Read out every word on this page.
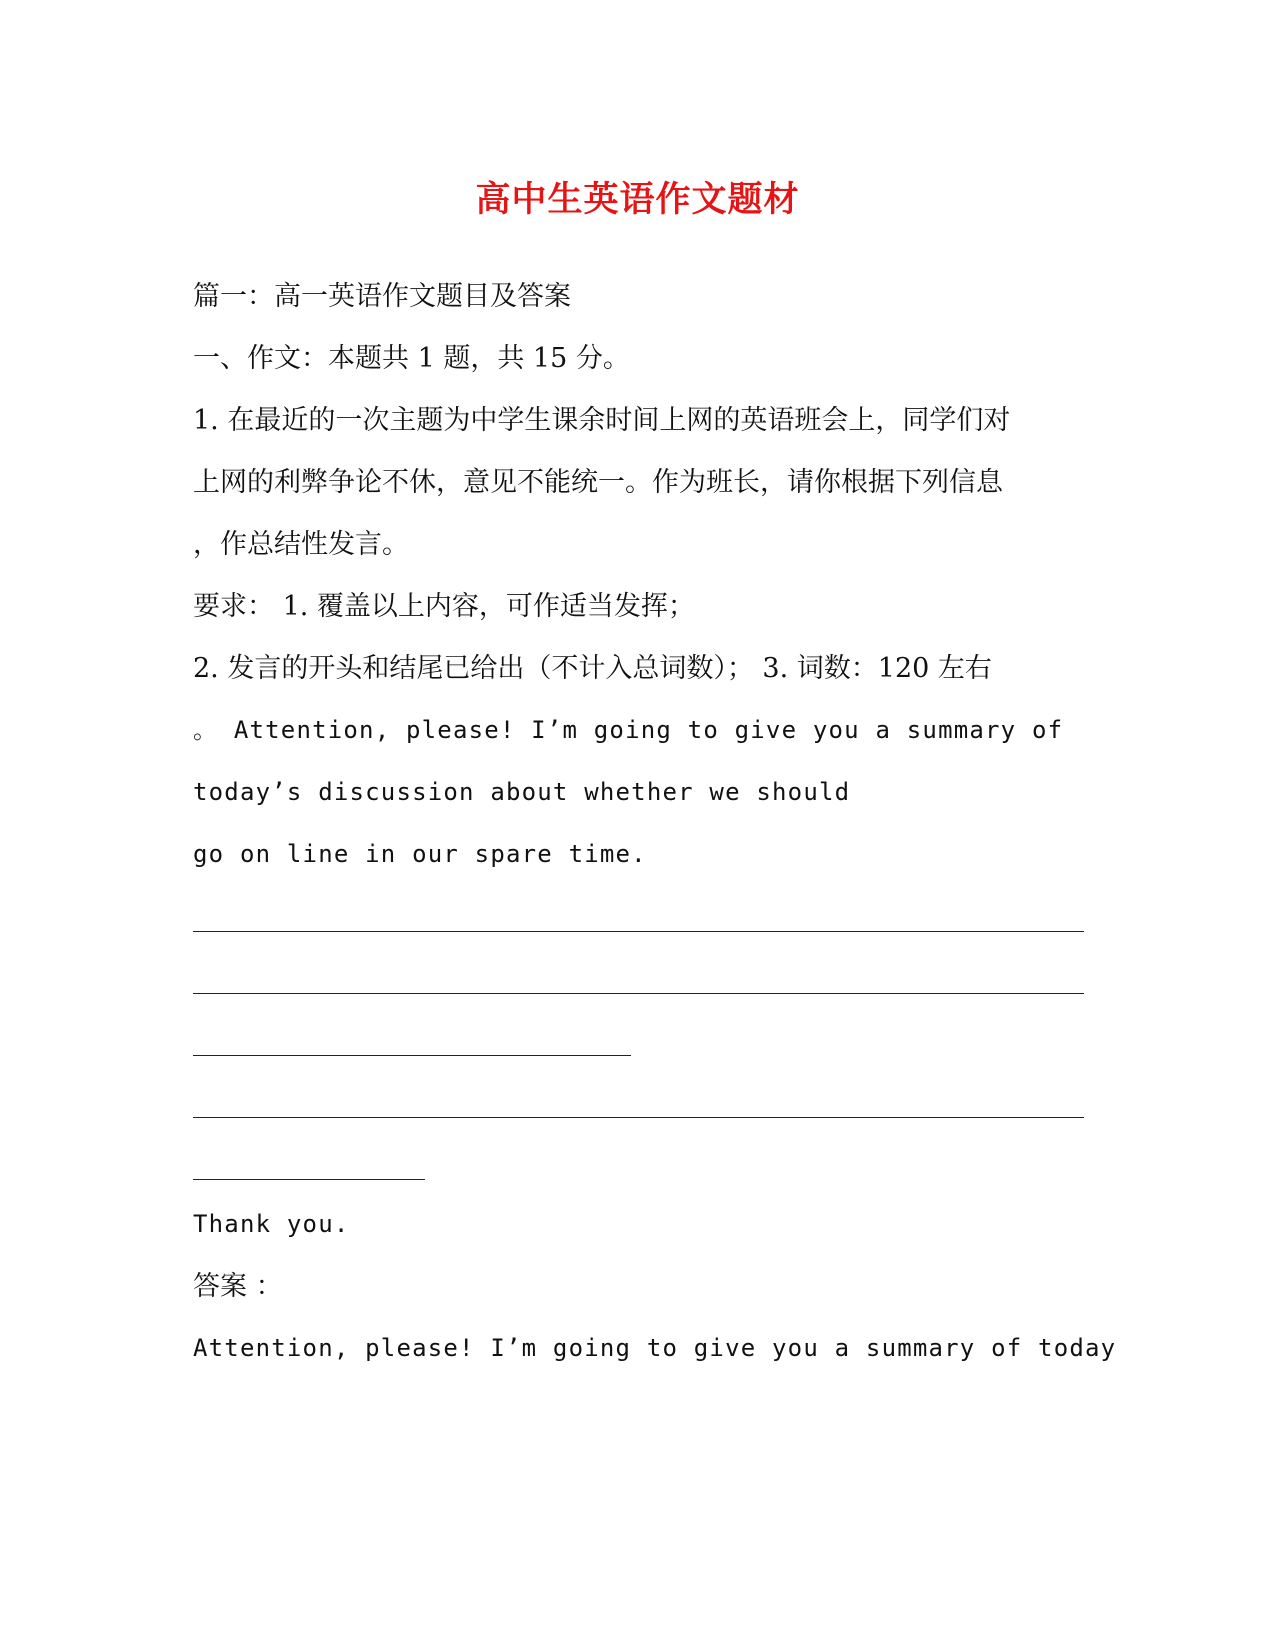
高中生英语作文题材
篇一：高一英语作文题目及答案
一、作文：本题共 1 题，共 15 分。
1. 在最近的一次主题为中学生课余时间上网的英语班会上，同学们对
上网的利弊争论不休，意见不能统一。作为班长，请你根据下列信息
，作总结性发言。
要求： 1. 覆盖以上内容，可作适当发挥；
2. 发言的开头和结尾已给出（不计入总词数）； 3. 词数：120 左右
。 Attention, please! I’m going to give you a summary of
today’s discussion about whether we should
go on line in our spare time.
Thank you.
答案 ：
Attention, please! I’m going to give you a summary of today
